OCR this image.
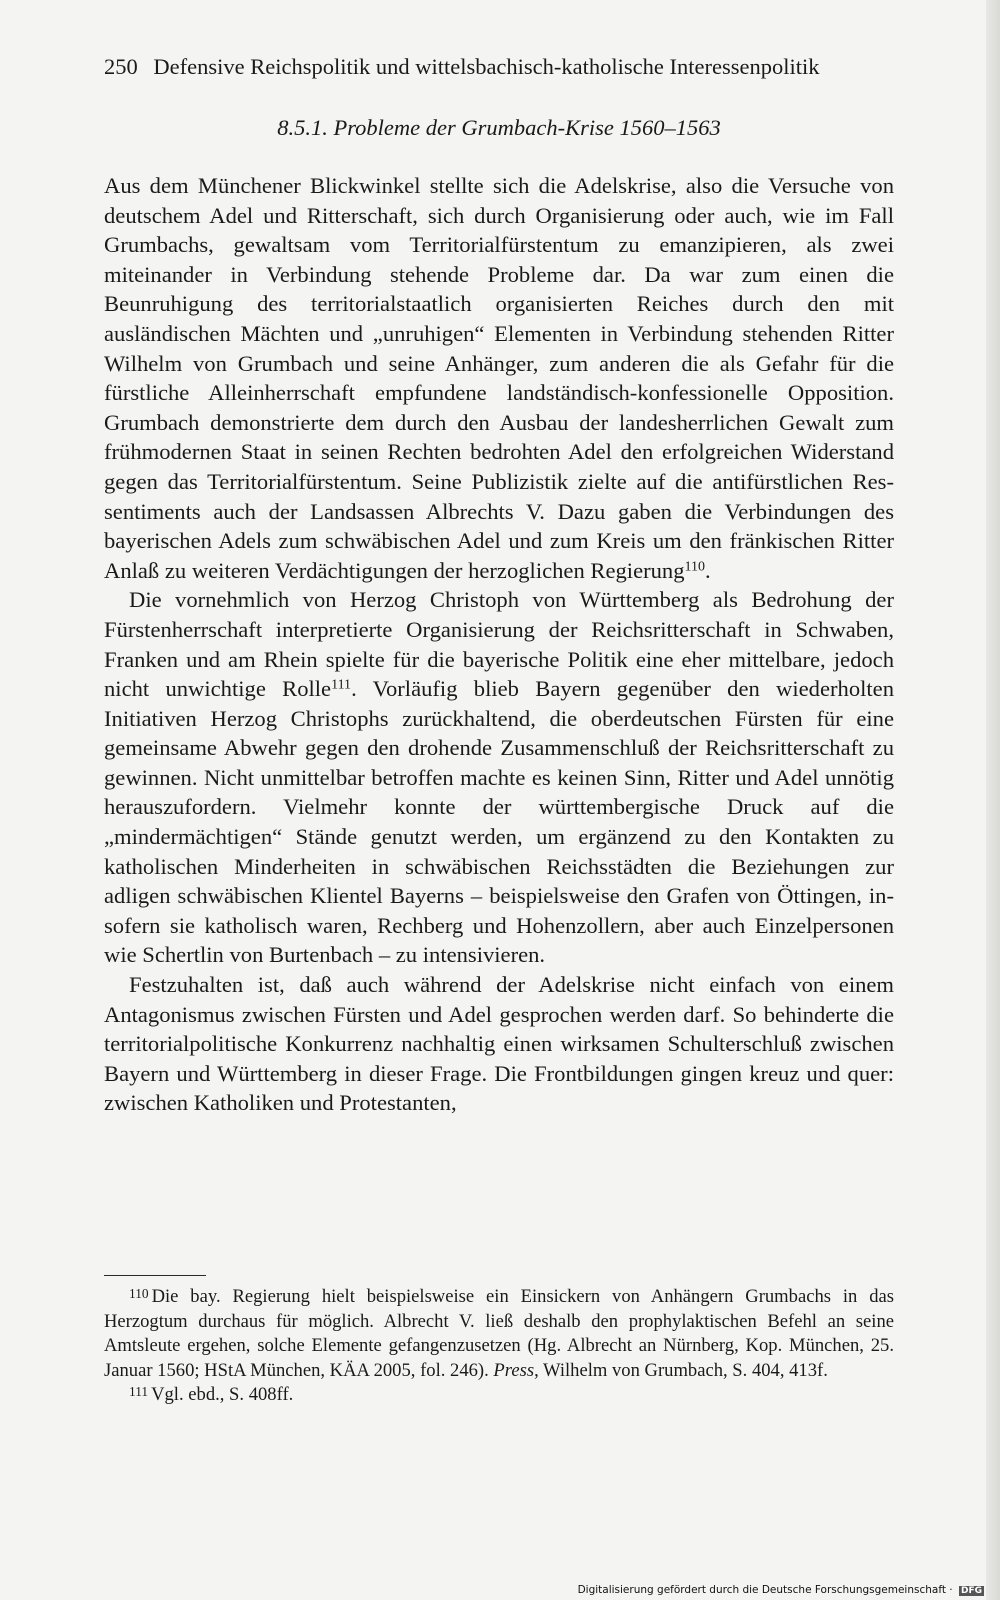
250 Defensive Reichspolitik und wittelsbachisch-katholische Interessenpolitik
8.5.1. Probleme der Grumbach-Krise 1560–1563

Aus dem Münchener Blickwinkel stellte sich die Adelskrise, also die Versuche von deutschem Adel und Ritterschaft, sich durch Organisierung oder auch, wie im Fall Grumbachs, gewaltsam vom Territorialfürstentum zu emanzipieren, als zwei miteinander in Verbindung stehende Probleme dar. Da war zum einen die Beunruhigung des territorialstaatlich organisierten Reiches durch den mit ausländischen Mächten und „unruhigen“ Elementen in Verbindung stehenden Ritter Wilhelm von Grumbach und seine Anhänger, zum anderen die als Gefahr für die fürstliche Alleinherrschaft empfundene landständisch-konfessionelle Opposition. Grumbach demonstrierte dem durch den Ausbau der landesherrlichen Gewalt zum frühmodernen Staat in seinen Rechten bedrohten Adel den erfolgreichen Widerstand gegen das Territorialfürstentum. Seine Publizistik zielte auf die antifürstlichen Ressentiments auch der Landsassen Albrechts V. Dazu gaben die Verbindungen des bayerischen Adels zum schwäbischen Adel und zum Kreis um den fränkischen Ritter Anlaß zu weiteren Verdächtigungen der herzoglichen Regierung$^{110}$.

Die vornehmlich von Herzog Christoph von Württemberg als Bedrohung der Fürstenherrschaft interpretierte Organisierung der Reichsritterschaft in Schwaben, Franken und am Rhein spielte für die bayerische Politik eine eher mittelbare, jedoch nicht unwichtige Rolle$^{111}$. Vorläufig blieb Bayern gegenüber den wiederholten Initiativen Herzog Christophs zurückhaltend, die oberdeutschen Fürsten für eine gemeinsame Abwehr gegen den drohende Zusammenschluß der Reichsritterschaft zu gewinnen. Nicht unmittelbar betroffen machte es keinen Sinn, Ritter und Adel unnötig herauszufordern. Vielmehr konnte der württembergische Druck auf die „mindermächtigen“ Stände genutzt werden, um ergänzend zu den Kontakten zu katholischen Minderheiten in schwäbischen Reichsstädten die Beziehungen zur adligen schwäbischen Klientel Bayerns – beispielsweise den Grafen von Öttingen, insofern sie katholisch waren, Rechberg und Hohenzollern, aber auch Einzelpersonen wie Schertlin von Burtenbach – zu intensivieren.

Festzuhalten ist, daß auch während der Adelskrise nicht einfach von einem Antagonismus zwischen Fürsten und Adel gesprochen werden darf. So behinderte die territorialpolitische Konkurrenz nachhaltig einen wirksamen Schulterschluß zwischen Bayern und Württemberg in dieser Frage. Die Frontbildungen gingen kreuz und quer: zwischen Katholiken und Protestanten,

$^{110}$ Die bay. Regierung hielt beispielsweise ein Einsickern von Anhängern Grumbachs in das Herzogtum durchaus für möglich. Albrecht V. ließ deshalb den prophylaktischen Befehl an seine Amtsleute ergehen, solche Elemente gefangenzusetzen (Hg. Albrecht an Nürnberg, Kop. München, 25. Januar 1560; HStA München, KÄA 2005, fol. 246). Press, Wilhelm von Grumbach, S. 404, 413f.

$^{111}$ Vgl. ebd., S. 408ff.

Digitalisierung gefördert durch die Deutsche Forschungsgemeinschaft · DFG
